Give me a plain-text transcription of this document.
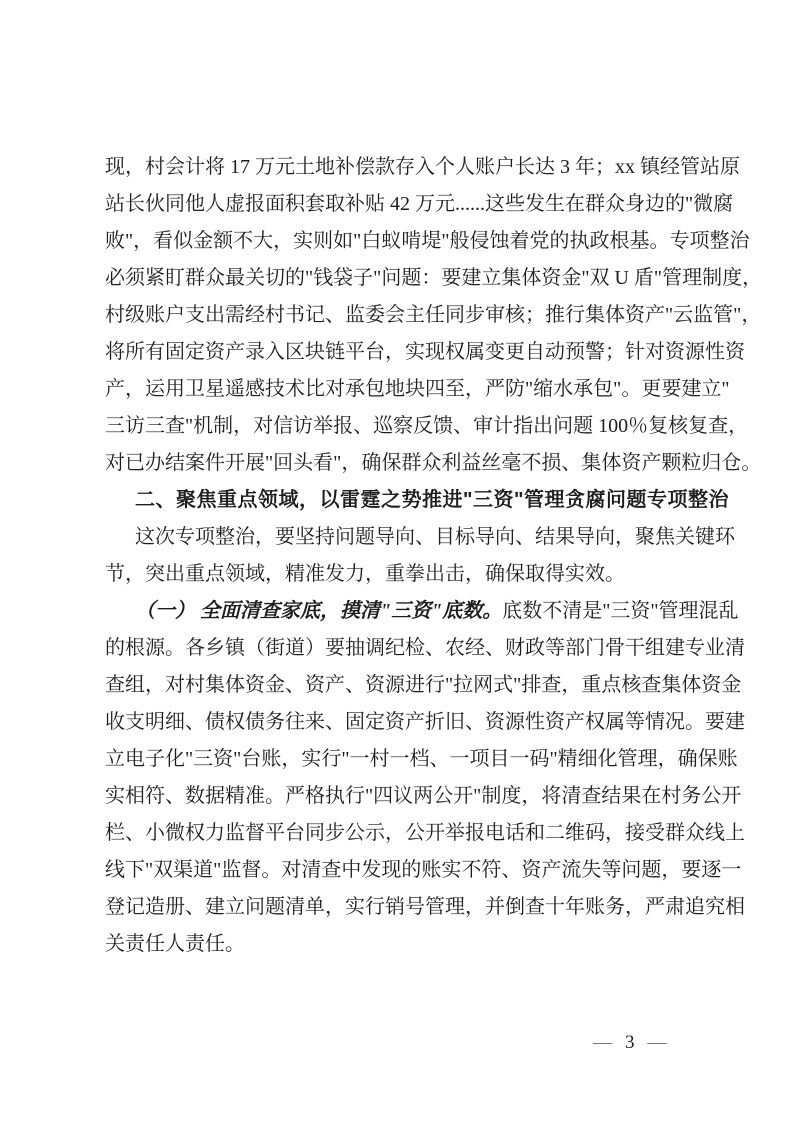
现，村会计将 17 万元土地补偿款存入个人账户长达 3 年；xx 镇经管站原
站长伙同他人虚报面积套取补贴 42 万元......这些发生在群众身边的"微腐
败"，看似金额不大，实则如"白蚁啃堤"般侵蚀着党的执政根基。专项整治
必须紧盯群众最关切的"钱袋子"问题：要建立集体资金"双 U 盾"管理制度，
村级账户支出需经村书记、监委会主任同步审核；推行集体资产"云监管"，
将所有固定资产录入区块链平台，实现权属变更自动预警；针对资源性资
产，运用卫星遥感技术比对承包地块四至，严防"缩水承包"。更要建立"
三访三查"机制，对信访举报、巡察反馈、审计指出问题 100％复核复查，
对已办结案件开展"回头看"，确保群众利益丝毫不损、集体资产颗粒归仓。
二、聚焦重点领域，以雷霆之势推进"三资"管理贪腐问题专项整治
这次专项整治，要坚持问题导向、目标导向、结果导向，聚焦关键环
节，突出重点领域，精准发力，重拳出击，确保取得实效。
（一） 全面清查家底，摸清"三资"底数。底数不清是"三资"管理混乱
的根源。各乡镇（街道）要抽调纪检、农经、财政等部门骨干组建专业清
查组，对村集体资金、资产、资源进行"拉网式"排查，重点核查集体资金
收支明细、债权债务往来、固定资产折旧、资源性资产权属等情况。要建
立电子化"三资"台账，实行"一村一档、一项目一码"精细化管理，确保账
实相符、数据精准。严格执行"四议两公开"制度，将清查结果在村务公开
栏、小微权力监督平台同步公示，公开举报电话和二维码，接受群众线上
线下"双渠道"监督。对清查中发现的账实不符、资产流失等问题，要逐一
登记造册、建立问题清单，实行销号管理，并倒查十年账务，严肃追究相
关责任人责任。
— 3 —
